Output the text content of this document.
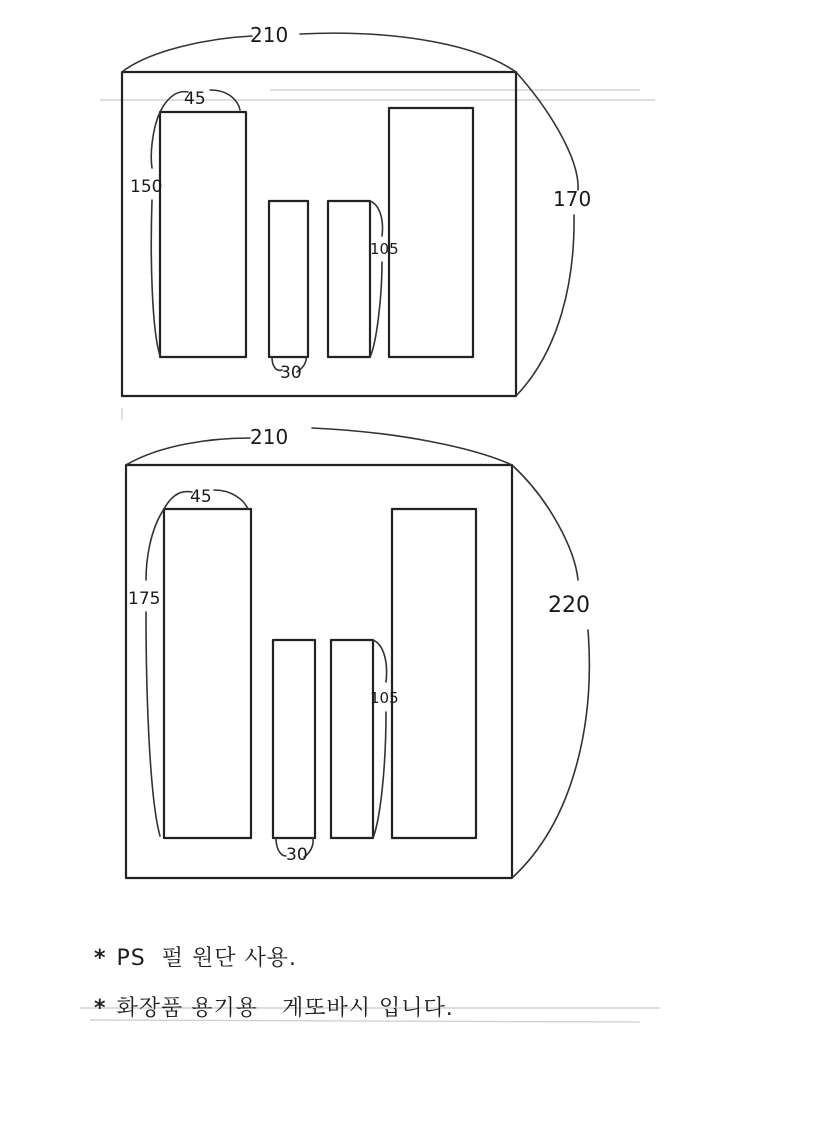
210
170
45
150
30
105
210
220
45
175
30
105

* PS  펄 원단 사용.

* 화장품 용기용   게또바시 입니다.
